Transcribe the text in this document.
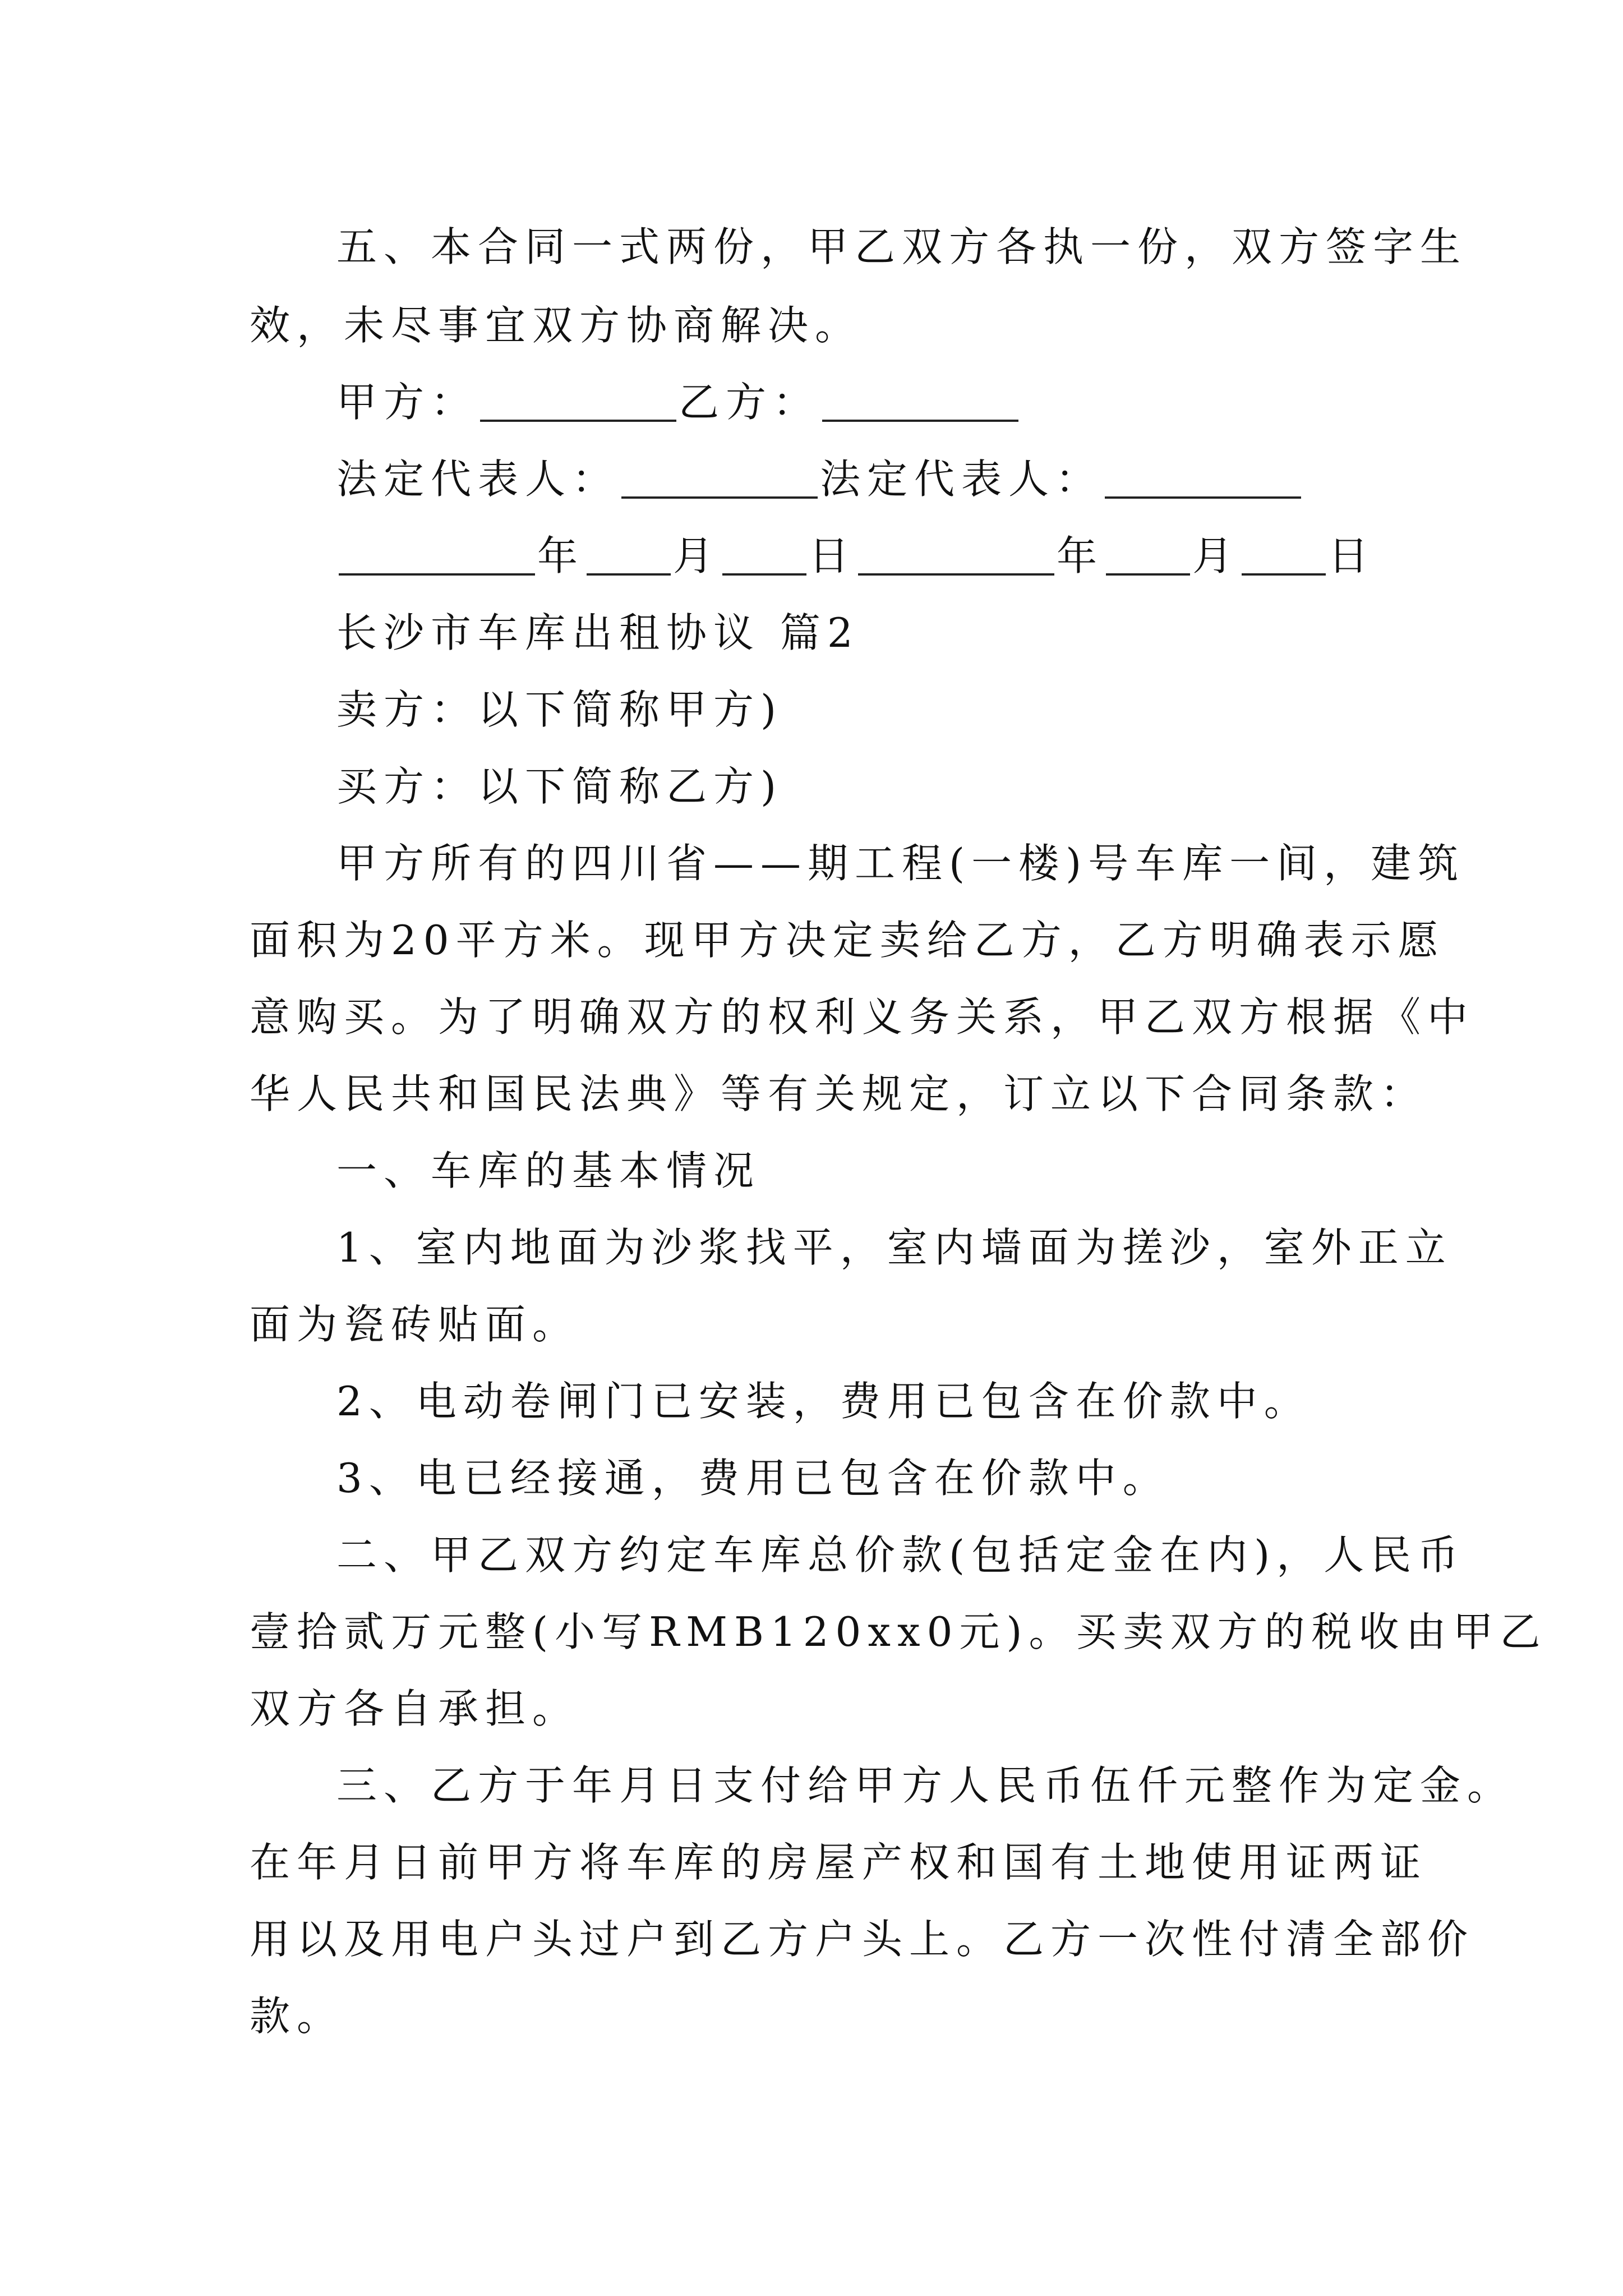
五、本合同一式两份，甲乙双方各执一份，双方签字生
效，未尽事宜双方协商解决。
甲方：	乙方：
法定代表人：	法定代表人：
年 月 日	年 月 日
长沙市车库出租协议 篇2
卖方：以下简称甲方)
买方：以下简称乙方)
甲方所有的四川省——期工程(一楼)号车库一间，建筑
面积为20平方米。现甲方决定卖给乙方，乙方明确表示愿
意购买。为了明确双方的权利义务关系，甲乙双方根据《中
华人民共和国民法典》等有关规定，订立以下合同条款：
一、车库的基本情况
1、室内地面为沙浆找平，室内墙面为搓沙，室外正立
面为瓷砖贴面。
2、电动卷闸门已安装，费用已包含在价款中。
3、电已经接通，费用已包含在价款中。
二、甲乙双方约定车库总价款(包括定金在内)，人民币
壹拾贰万元整(小写RMB120xx0元)。买卖双方的税收由甲乙
双方各自承担。
三、乙方于年月日支付给甲方人民币伍仟元整作为定金。
在年月日前甲方将车库的房屋产权和国有土地使用证两证
用以及用电户头过户到乙方户头上。乙方一次性付清全部价
款。
